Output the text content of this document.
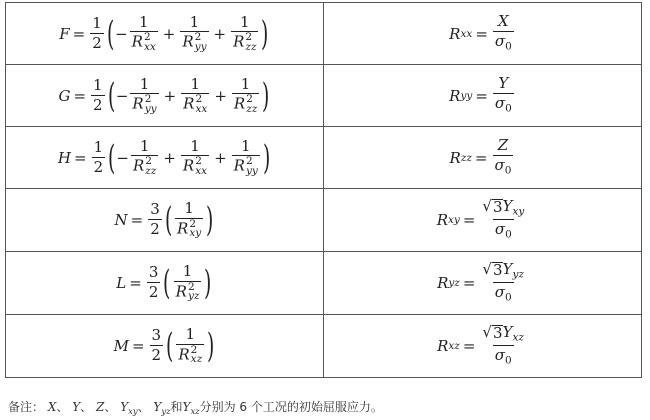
$F = \frac{1}{2}$ ( − 1
R 2
xx + 1
R 2
yy + 1
R 2
zz )	R xx = $\frac{X}{\sigma_0}$
$G = \frac{1}{2}$ ( − 1
R 2
yy + 1
R 2
xx + 1
R 2
zz )	R yy = $\frac{Y}{\sigma_0}$
$H = \frac{1}{2}$ ( − 1
R 2
zz + 1
R 2
xx + 1
R 2
yy )	R zz = $\frac{Z}{\sigma_0}$
$N = \frac{3}{2}$ ( 1
R 2
xy )	R xy = $\frac{√ 3 Y_{xy}}{\sigma_0}$
$L = \frac{3}{2}$ ( 1
R 2
yz )	R yz = $\frac{√ 3 Y_{yz}}{\sigma_0}$
$M = \frac{3}{2}$ ( 1
R 2
xz )	R xz = $\frac{√ 3 Y_{xz}}{\sigma_0}$
备注： X、 Y、 Z、 $Y_{xy}$、 $Y_{yz}$和$Y_{xz}$分别为 6 个工况的初始屈服应力。
